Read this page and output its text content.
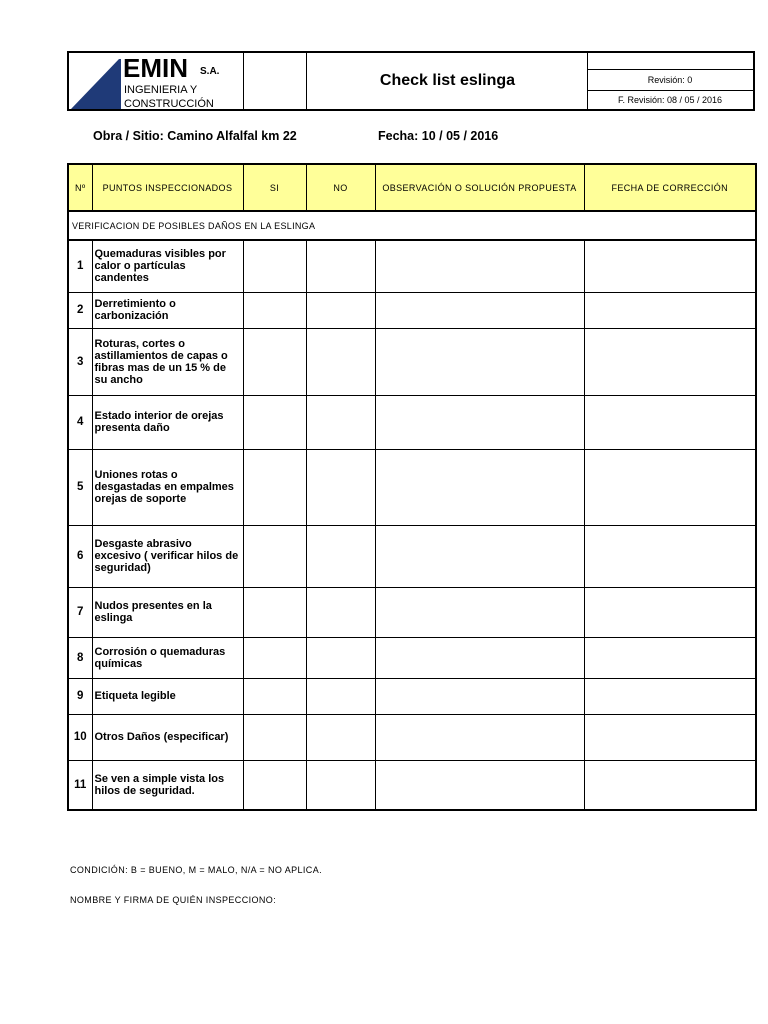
EMIN S.A.
INGENIERIA Y
CONSTRUCCIÓN
Check list eslinga	Revisión: 0
F. Revisión: 08 / 05 / 2016
Obra / Sitio: Camino Alfalfal km 22	Fecha: 10 / 05 / 2016
Nº	PUNTOS INSPECCIONADOS	SI	NO	OBSERVACIÓN O SOLUCIÓN PROPUESTA	FECHA DE CORRECCIÓN
VERIFICACION DE POSIBLES DAÑOS EN LA ESLINGA					
1	Quemaduras visibles por calor o partículas candentes				
2	Derretimiento o carbonización				
3	Roturas, cortes o astillamientos de capas o fibras mas de un 15 % de su ancho				
4	Estado interior de orejas presenta daño				
5	Uniones rotas o desgastadas en empalmes orejas de soporte				
6	Desgaste abrasivo excesivo ( verificar hilos de seguridad)				
7	Nudos presentes en la eslinga				
8	Corrosión o quemaduras químicas				
9	Etiqueta legible				
10	Otros Daños (especificar)				
11	Se ven a simple vista los hilos de seguridad.				
CONDICIÓN: B = BUENO, M = MALO, N/A = NO APLICA.
NOMBRE Y FIRMA DE QUIÉN INSPECCIONO:
